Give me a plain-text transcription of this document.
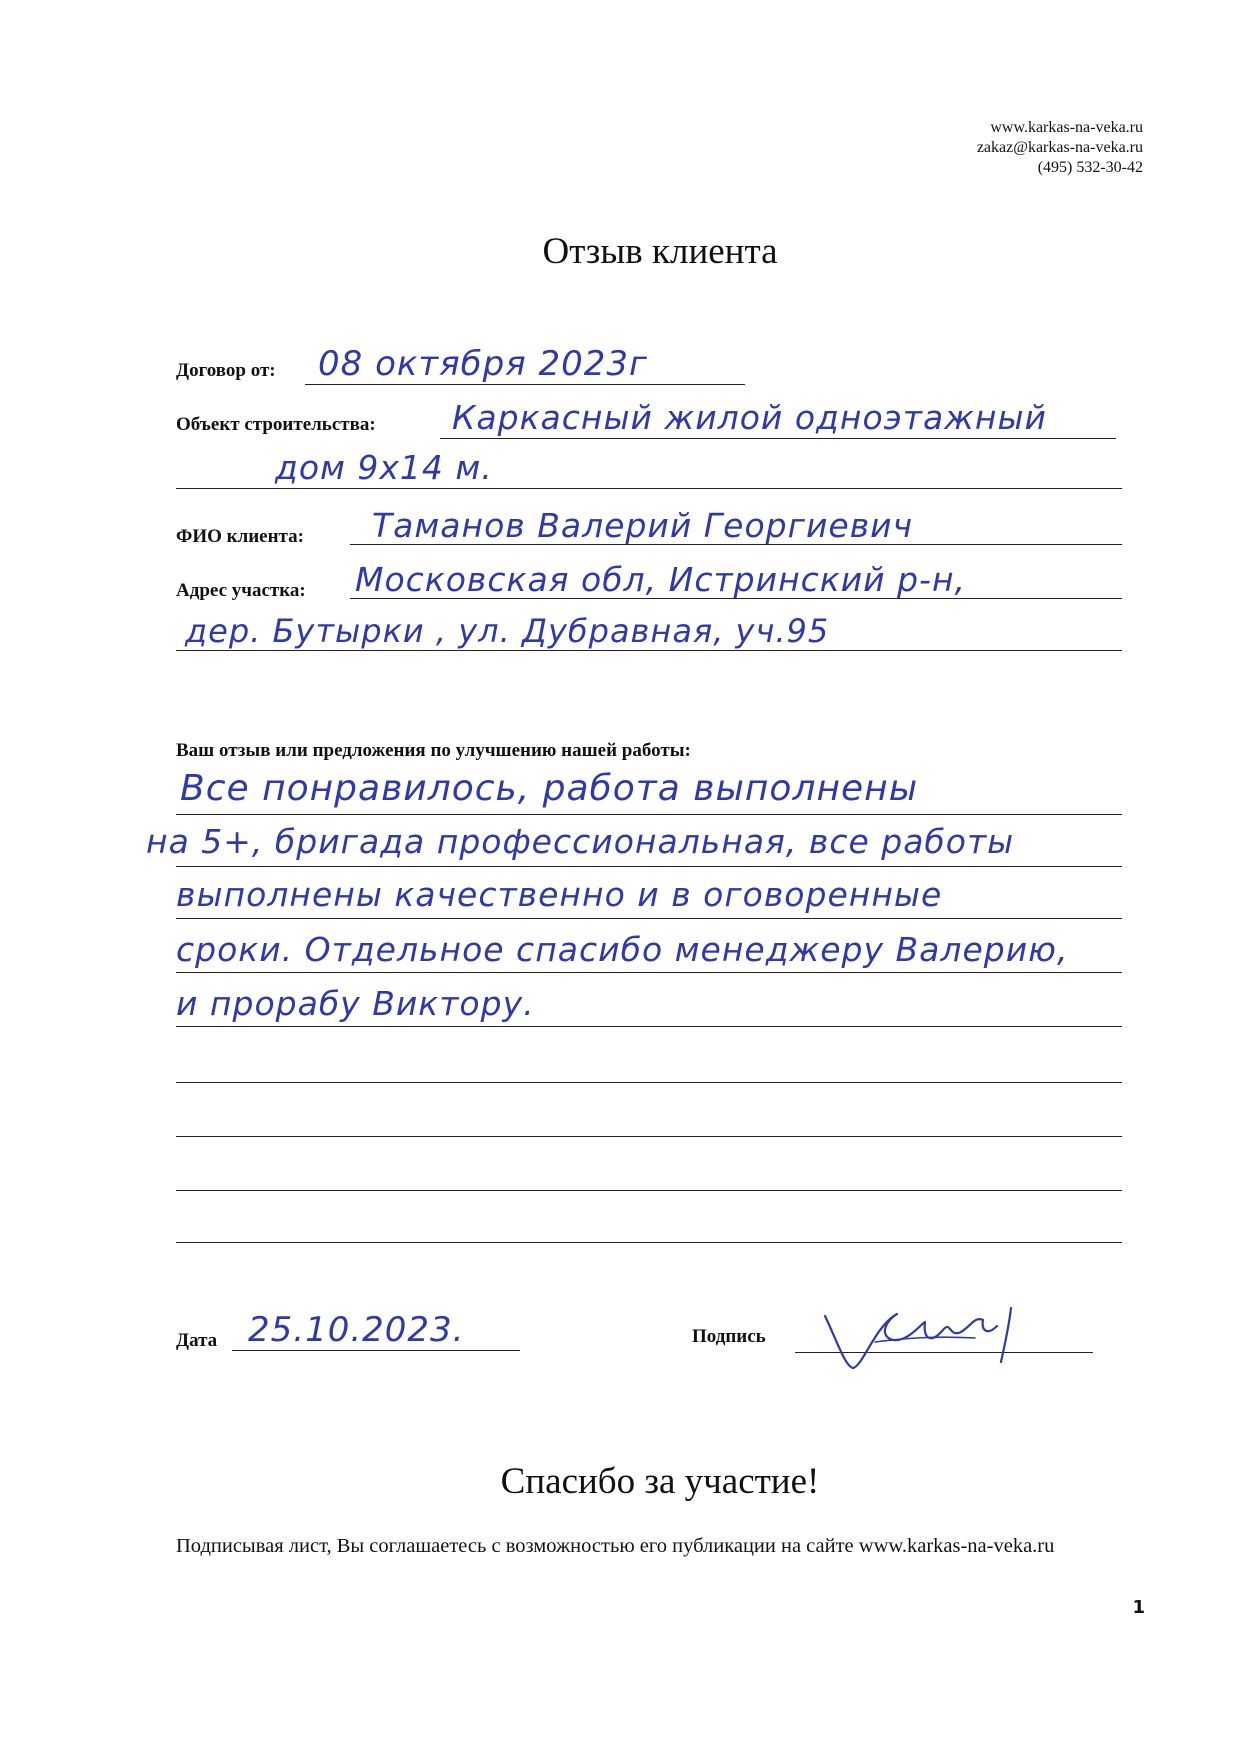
www.karkas-na-veka.ru
zakaz@karkas-na-veka.ru
(495) 532-30-42
Отзыв клиента
Договор от: 08 октября 2023г
Объект строительства: Каркасный жилой одноэтажный
дом 9х14 м.
ФИО клиента: Таманов Валерий Георгиевич
Адрес участка: Московская обл, Истринский р-н,
дер. Бутырки , ул. Дубравная, уч.95
Ваш отзыв или предложения по улучшению нашей работы:
Все понравилось, работа выполнены
на 5+, бригада профессиональная, все работы
выполнены качественно и в оговоренные
сроки. Отдельное спасибо менеджеру Валерию,
и прорабу Виктору.
Дата 25.10.2023.	Подпись
Спасибо за участие!
Подписывая лист, Вы соглашаетесь с возможностью его публикации на сайте www.karkas-na-veka.ru
1
